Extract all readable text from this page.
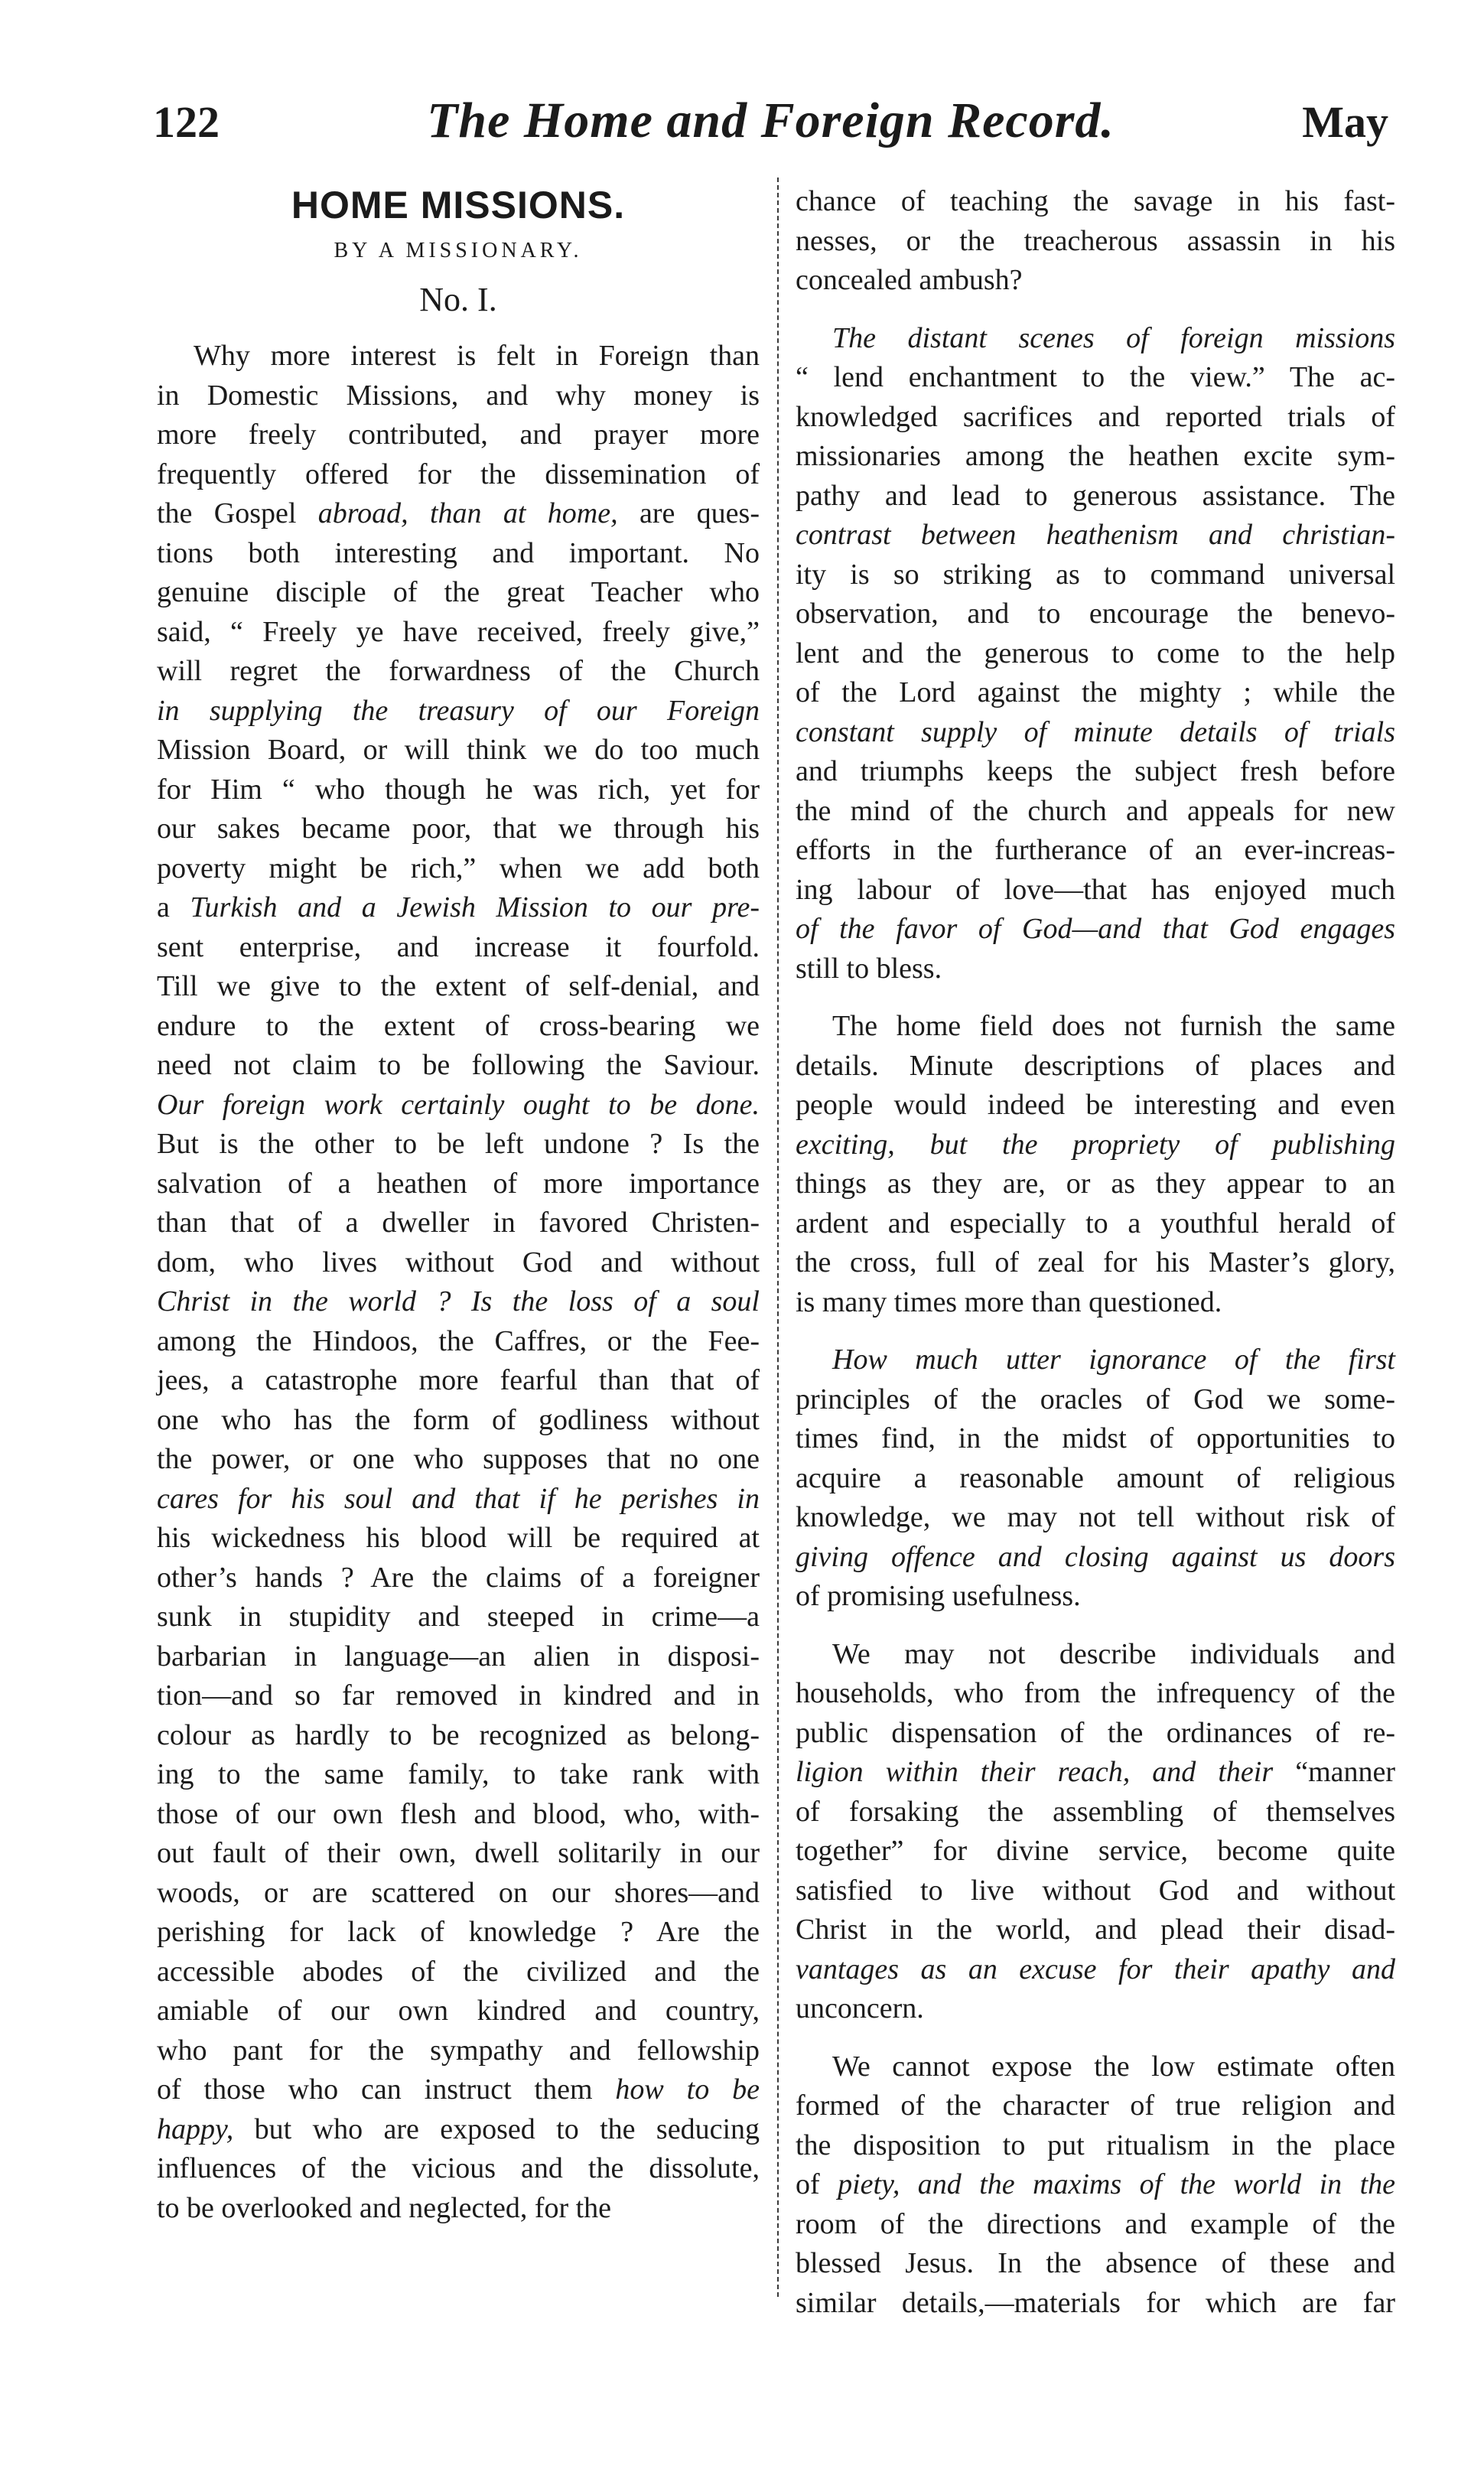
122	The Home and Foreign Record.	May
HOME MISSIONS.
BY A MISSIONARY.
No. I.
Why more interest is felt in Foreign than
in Domestic Missions, and why money is
more freely contributed, and prayer more
frequently offered for the dissemination of
the Gospel abroad, than at home, are ques-
tions both interesting and important. No
genuine disciple of the great Teacher who
said, “ Freely ye have received, freely give,”
will regret the forwardness of the Church
in supplying the treasury of our Foreign
Mission Board, or will think we do too much
for Him “ who though he was rich, yet for
our sakes became poor, that we through his
poverty might be rich,” when we add both
a Turkish and a Jewish Mission to our pre-
sent enterprise, and increase it fourfold.
Till we give to the extent of self-denial, and
endure to the extent of cross-bearing we
need not claim to be following the Saviour.
Our foreign work certainly ought to be done.
But is the other to be left undone ? Is the
salvation of a heathen of more importance
than that of a dweller in favored Christen-
dom, who lives without God and without
Christ in the world ? Is the loss of a soul
among the Hindoos, the Caffres, or the Fee-
jees, a catastrophe more fearful than that of
one who has the form of godliness without
the power, or one who supposes that no one
cares for his soul and that if he perishes in
his wickedness his blood will be required at
other’s hands ? Are the claims of a foreigner
sunk in stupidity and steeped in crime—a
barbarian in language—an alien in disposi-
tion—and so far removed in kindred and in
colour as hardly to be recognized as belong-
ing to the same family, to take rank with
those of our own flesh and blood, who, with-
out fault of their own, dwell solitarily in our
woods, or are scattered on our shores—and
perishing for lack of knowledge ? Are the
accessible abodes of the civilized and the
amiable of our own kindred and country,
who pant for the sympathy and fellowship
of those who can instruct them how to be
happy, but who are exposed to the seducing
influences of the vicious and the dissolute,
to be overlooked and neglected, for the
chance of teaching the savage in his fast-
nesses, or the treacherous assassin in his
concealed ambush?
The distant scenes of foreign missions
“ lend enchantment to the view.” The ac-
knowledged sacrifices and reported trials of
missionaries among the heathen excite sym-
pathy and lead to generous assistance. The
contrast between heathenism and christian-
ity is so striking as to command universal
observation, and to encourage the benevo-
lent and the generous to come to the help
of the Lord against the mighty ; while the
constant supply of minute details of trials
and triumphs keeps the subject fresh before
the mind of the church and appeals for new
efforts in the furtherance of an ever-increas-
ing labour of love—that has enjoyed much
of the favor of God—and that God engages
still to bless.
The home field does not furnish the same
details. Minute descriptions of places and
people would indeed be interesting and even
exciting, but the propriety of publishing
things as they are, or as they appear to an
ardent and especially to a youthful herald of
the cross, full of zeal for his Master’s glory,
is many times more than questioned.
How much utter ignorance of the first
principles of the oracles of God we some-
times find, in the midst of opportunities to
acquire a reasonable amount of religious
knowledge, we may not tell without risk of
giving offence and closing against us doors
of promising usefulness.
We may not describe individuals and
households, who from the infrequency of the
public dispensation of the ordinances of re-
ligion within their reach, and their “manner
of forsaking the assembling of themselves
together” for divine service, become quite
satisfied to live without God and without
Christ in the world, and plead their disad-
vantages as an excuse for their apathy and
unconcern.
We cannot expose the low estimate often
formed of the character of true religion and
the disposition to put ritualism in the place
of piety, and the maxims of the world in the
room of the directions and example of the
blessed Jesus. In the absence of these and
similar details,—materials for which are far
